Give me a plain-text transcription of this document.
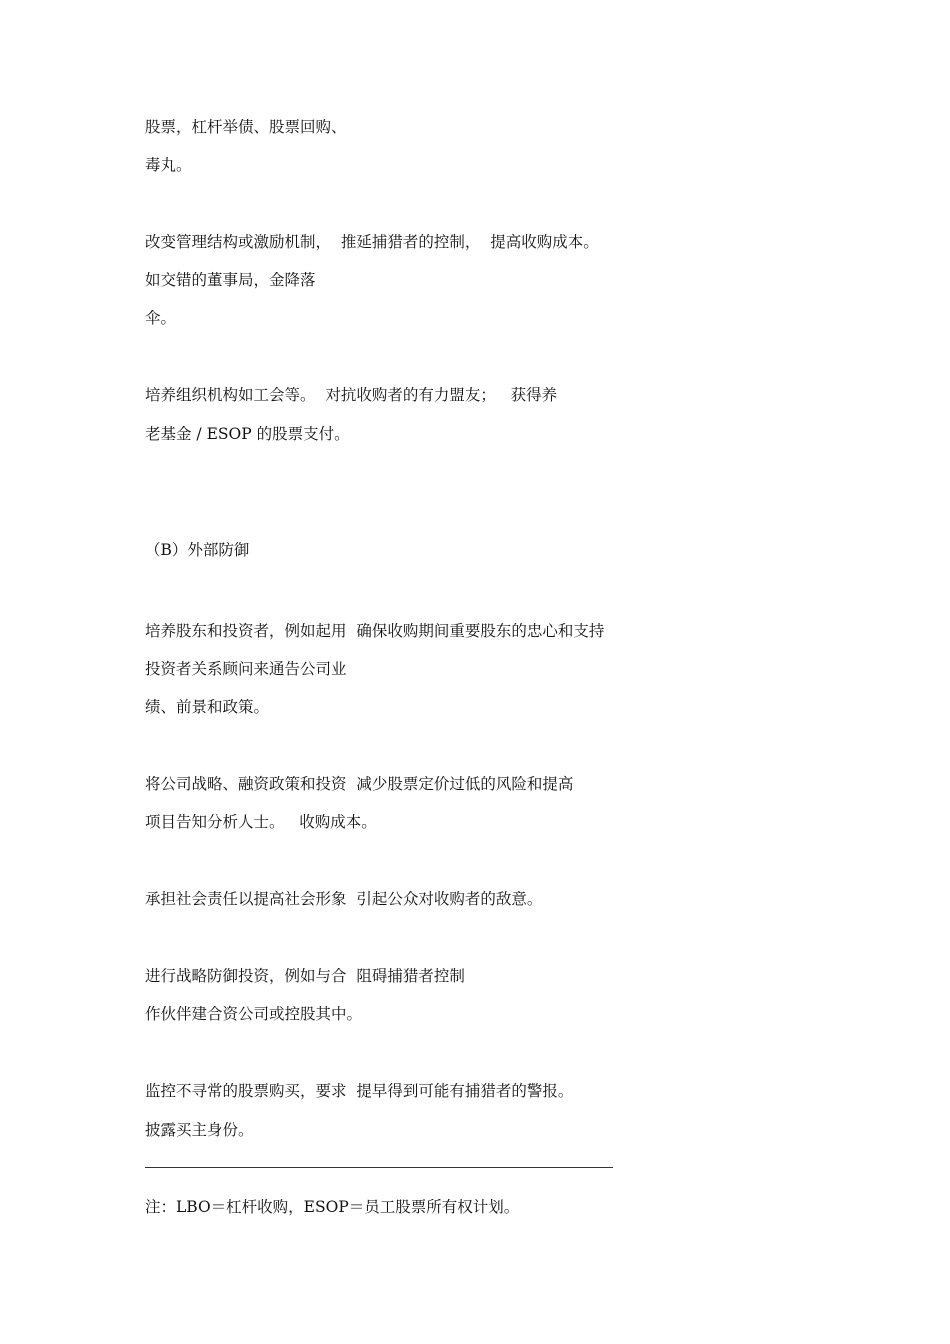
股票，杠杆举债、股票回购、
毒丸。
改变管理结构或激励机制，  推延捕猎者的控制，  提高收购成本。
如交错的董事局，金降落
伞。
培养组织机构如工会等。  对抗收购者的有力盟友；   获得养
老基金 / ESOP 的股票支付。
（B）外部防御
培养股东和投资者，例如起用  确保收购期间重要股东的忠心和支持
投资者关系顾问来通告公司业
绩、前景和政策。
将公司战略、融资政策和投资  减少股票定价过低的风险和提高
项目告知分析人士。   收购成本。
承担社会责任以提高社会形象  引起公众对收购者的敌意。
进行战略防御投资，例如与合  阻碍捕猎者控制
作伙伴建合资公司或控股其中。
监控不寻常的股票购买，要求  提早得到可能有捕猎者的警报。
披露买主身份。
注：LBO＝杠杆收购，ESOP＝员工股票所有权计划。
